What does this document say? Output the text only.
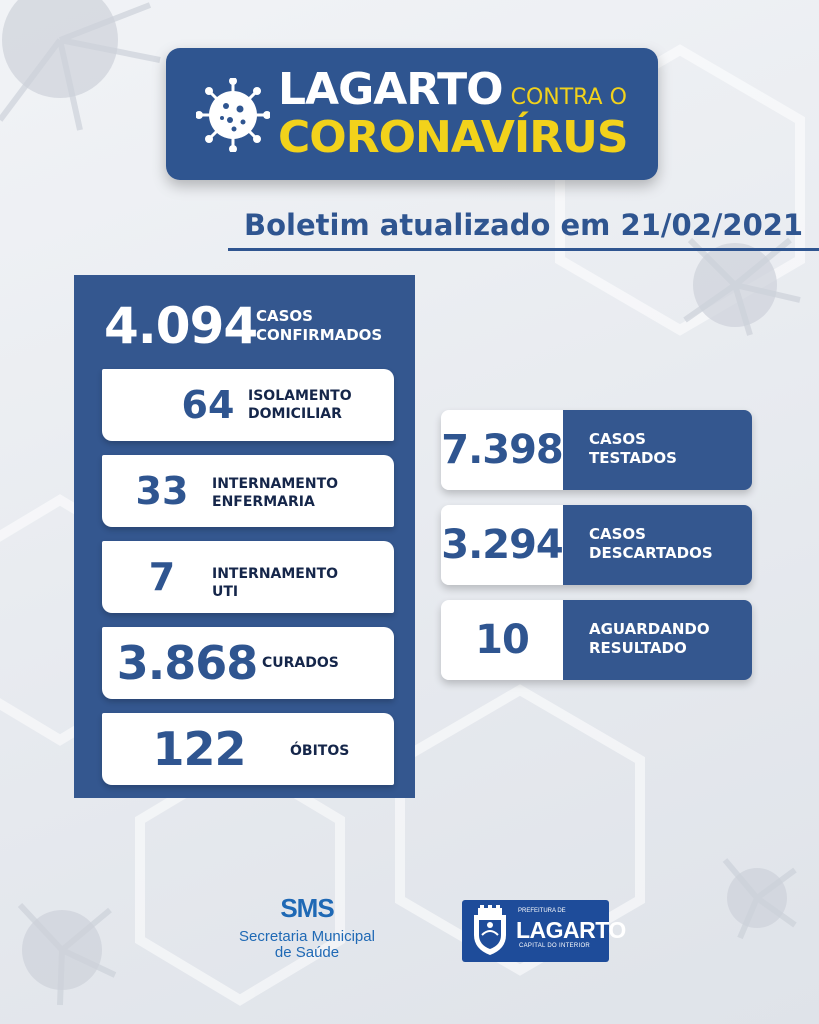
LAGARTO CONTRA O
CORONAVÍRUS
Boletim atualizado em 21/02/2021
4.094
CASOS
CONFIRMADOS
64 ISOLAMENTO
DOMICILIAR
33	INTERNAMENTO
ENFERMARIA
7	INTERNAMENTO
UTI
3.868 CURADOS
122	ÓBITOS
7.398 CASOS
TESTADOS
3.294 CASOS
DESCARTADOS
10	AGUARDANDO
RESULTADO
SMS
Secretaria Municipal
de Saúde
PREFEITURA DE
LAGARTO
CAPITAL DO INTERIOR
